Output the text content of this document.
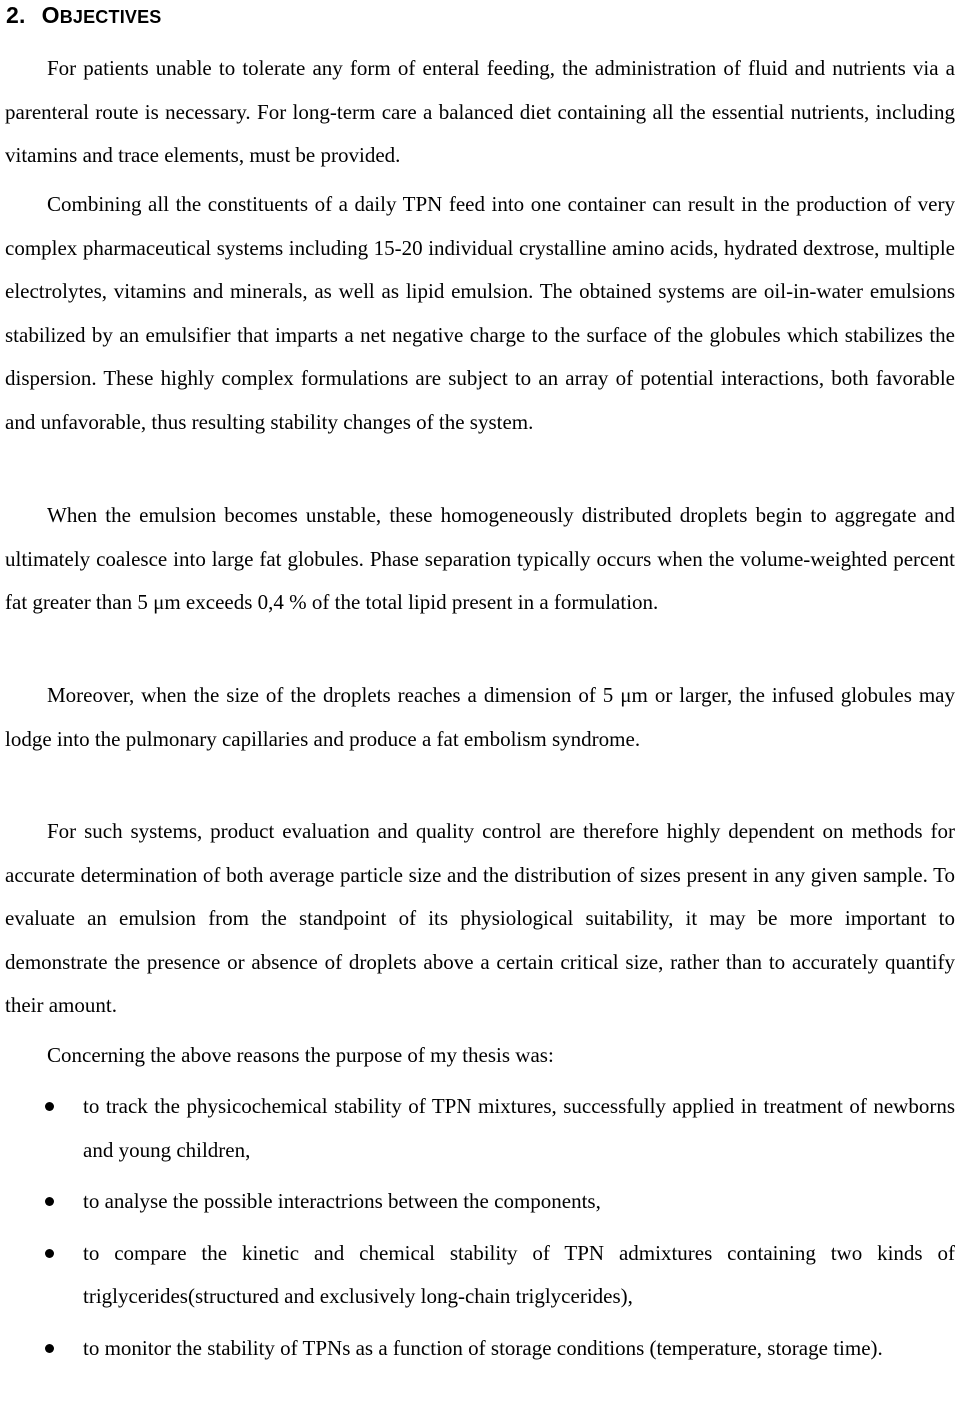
2. OBJECTIVES

For patients unable to tolerate any form of enteral feeding, the administration of fluid and nutrients via a parenteral route is necessary. For long-term care a balanced diet containing all the essential nutrients, including vitamins and trace elements, must be provided.

Combining all the constituents of a daily TPN feed into one container can result in the production of very complex pharmaceutical systems including 15-20 individual crystalline amino acids, hydrated dextrose, multiple electrolytes, vitamins and minerals, as well as lipid emulsion. The obtained systems are oil-in-water emulsions stabilized by an emulsifier that imparts a net negative charge to the surface of the globules which stabilizes the dispersion. These highly complex formulations are subject to an array of potential interactions, both favorable and unfavorable, thus resulting stability changes of the system.

When the emulsion becomes unstable, these homogeneously distributed droplets begin to aggregate and ultimately coalesce into large fat globules. Phase separation typically occurs when the volume-weighted percent fat greater than 5 μm exceeds 0,4 % of the total lipid present in a formulation.

Moreover, when the size of the droplets reaches a dimension of 5 μm or larger, the infused globules may lodge into the pulmonary capillaries and produce a fat embolism syndrome.

For such systems, product evaluation and quality control are therefore highly dependent on methods for accurate determination of both average particle size and the distribution of sizes present in any given sample. To evaluate an emulsion from the standpoint of its physiological suitability, it may be more important to demonstrate the presence or absence of droplets above a certain critical size, rather than to accurately quantify their amount.

Concerning the above reasons the purpose of my thesis was:

to track the physicochemical stability of TPN mixtures, successfully applied in treatment of newborns and young children,
to analyse the possible interactrions between the components,
to compare the kinetic and chemical stability of TPN admixtures containing two kinds of triglycerides(structured and exclusively long-chain triglycerides),
to monitor the stability of TPNs as a function of storage conditions (temperature, storage time).
